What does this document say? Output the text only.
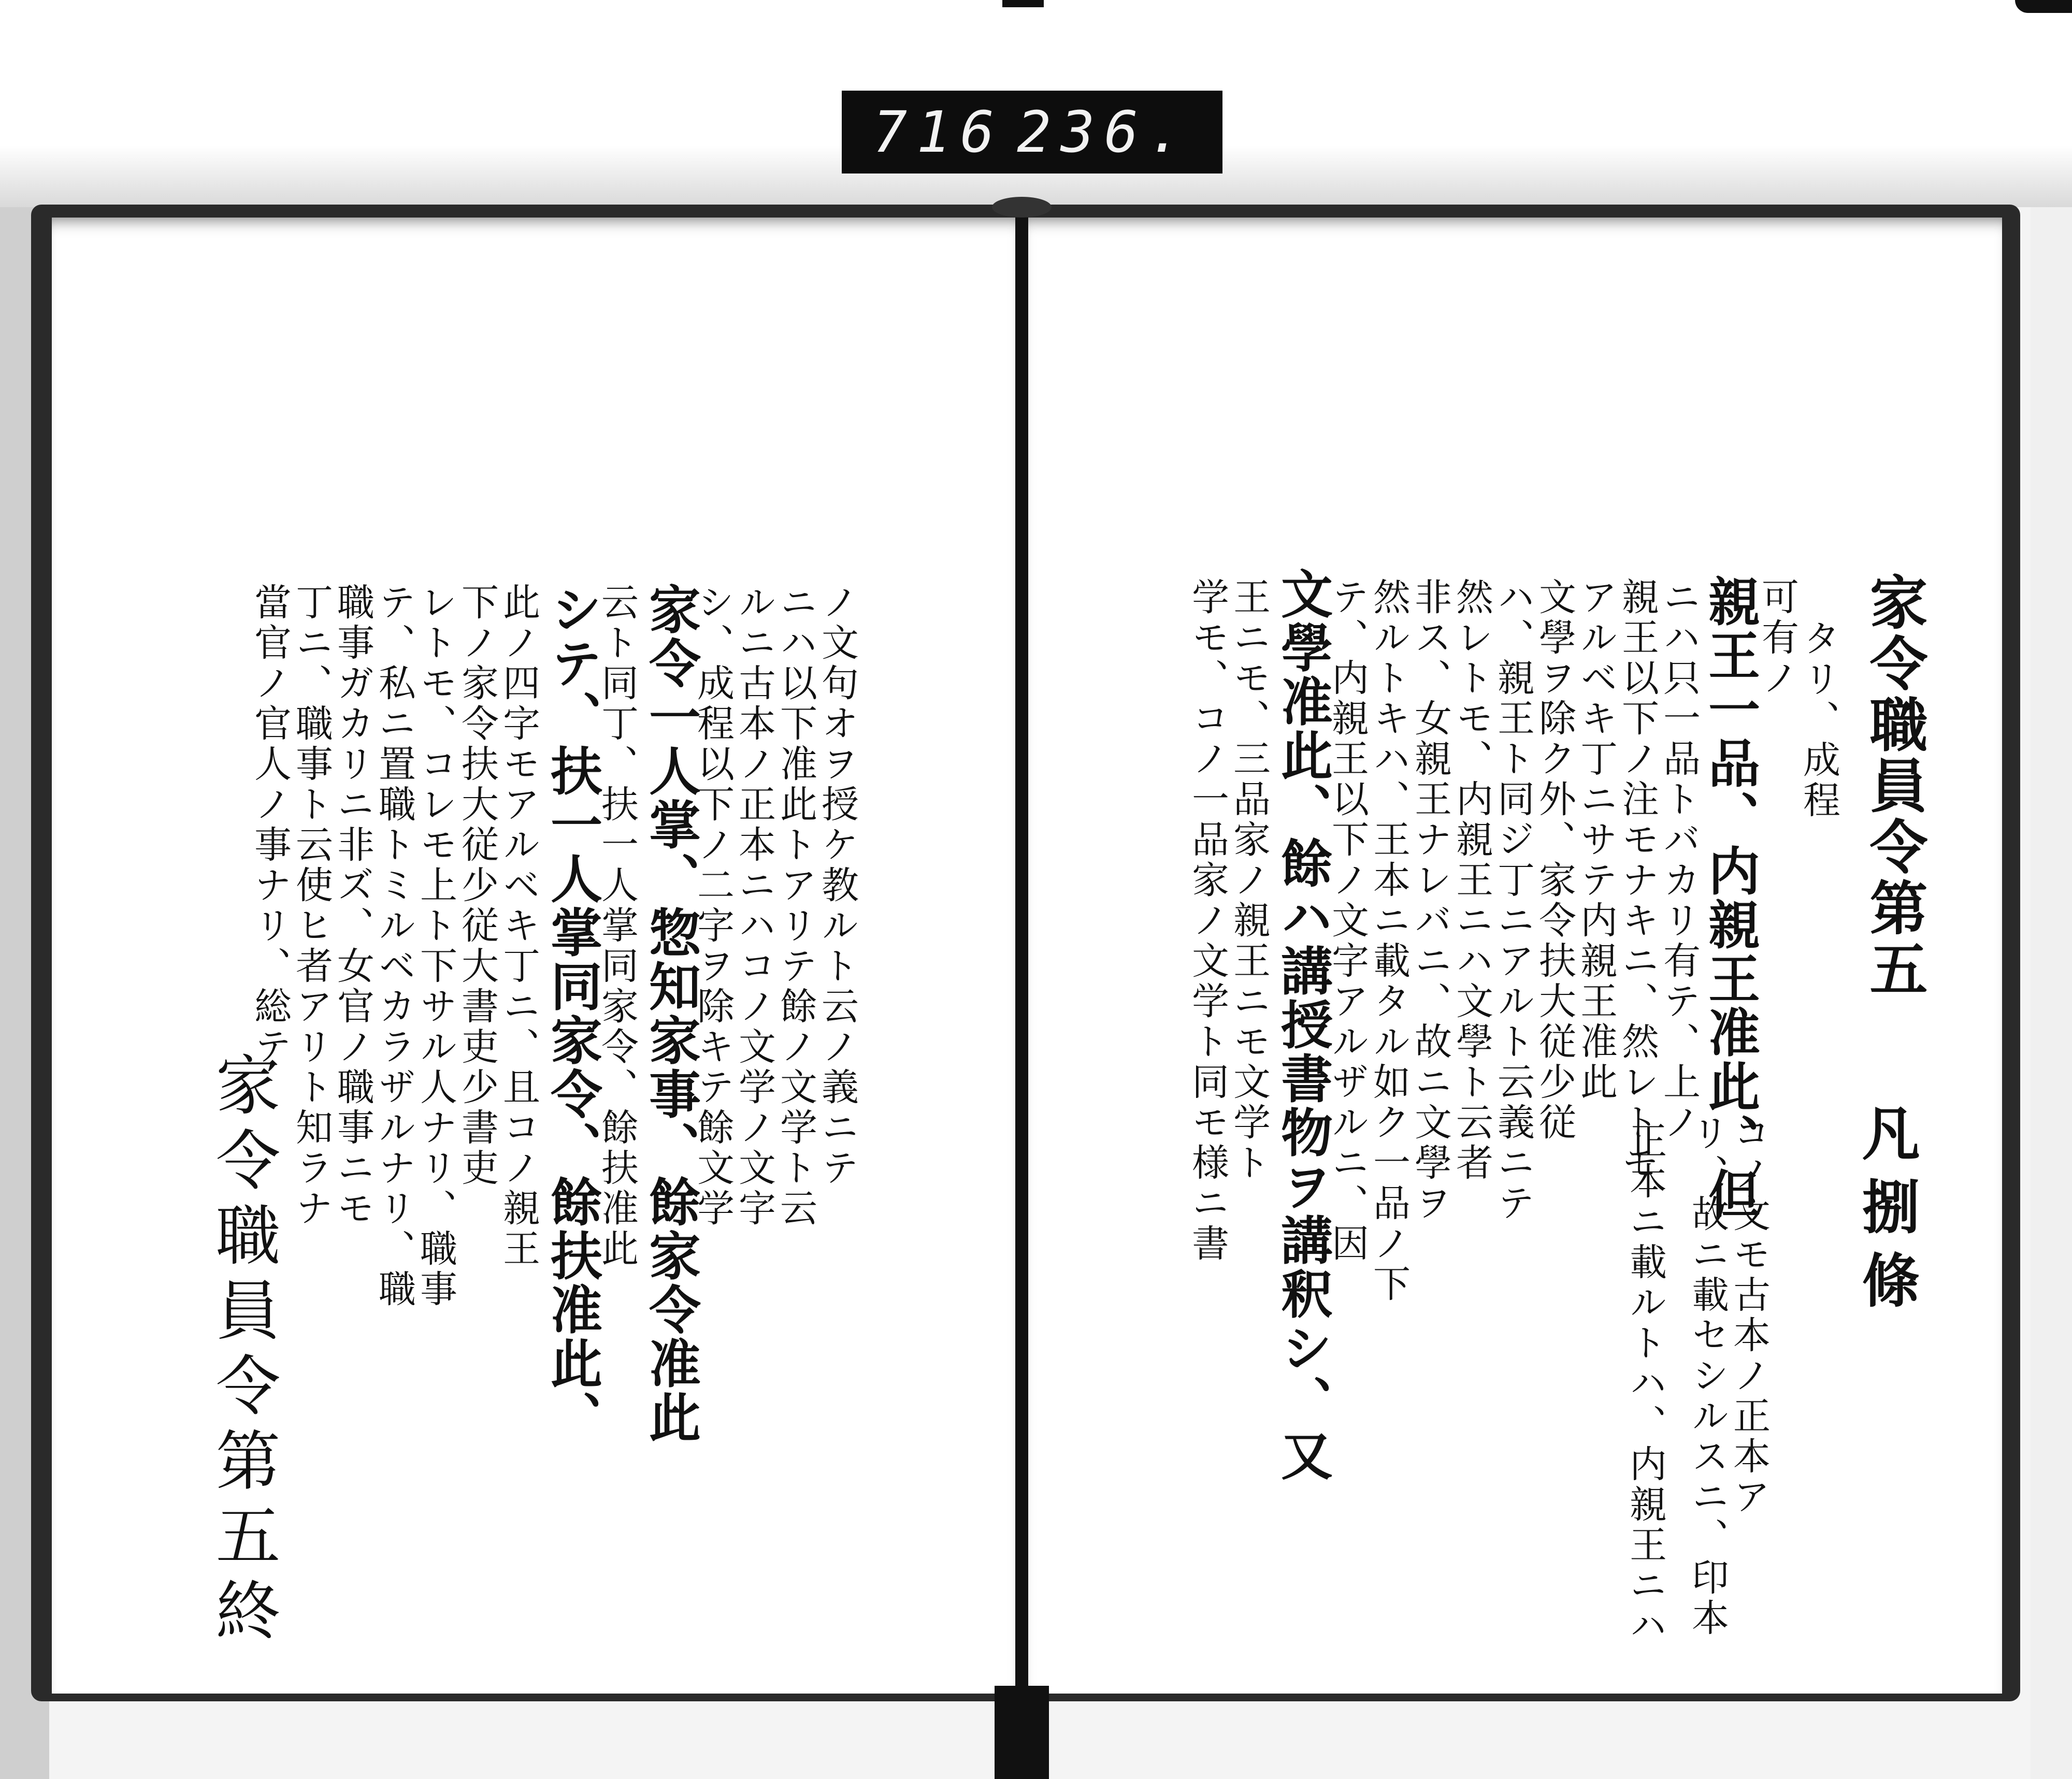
716 236.
家令職員令第五
タリ、成程
可有ノ
親王一品、内親王准此、但
ニハ只一品トバカリ有テ、上ノ
親王以下ノ注モナキニ、然レトモ
アルベキ丁ニサテ内親王准此
文學ヲ除ク外、家令扶大従少従
ハ、親王ト同ジ丁ニアルト云義ニテ
然レトモ、内親王ニハ文學ト云者
非ス、女親王ナレバニ、故ニ文學ヲ
然ルトキハ、王本ニ載タル如ク一品ノ下
テ、内親王以下ノ文字アルザルニ、因
文學准此、餘ハ講授書物ヲ講釈シ、又
王ニモ、三品家ノ親王ニモ文学ト
学モ、コノ一品家ノ文学ト同モ様ニ書	凡捌條
コノ文モ古本ノ正本ア
リ、故ニ載セシルスニ、印本
正本ニ載ルトハ、内親王ニハ
ノ文句オヲ授ケ教ルト云ノ義ニテ
ニハ以下准此トアリテ餘ノ文学ト云
ルニ古本ノ正本ニハコノ文学ノ文字
シ、成程以下ノ二字ヲ除キテ餘文学
家令一人掌、惣知家事、餘家令准此
云ト同丁、扶一人掌同家令、餘扶准此
シテ、扶一人掌同家令、餘扶准此、
此ノ四字モアルベキ丁ニ、且コノ親王
下ノ家令扶大従少従大書吏少書吏
レトモ、コレモ上ト下サル人ナリ、職事
テ、私ニ置職トミルベカラザルナリ、職
職事ガカリニ非ズ、女官ノ職事ニモ
丁ニ、職事ト云使ヒ者アリト知ラナ
當官ノ官人ノ事ナリ、総テ
家令職員令第五終
